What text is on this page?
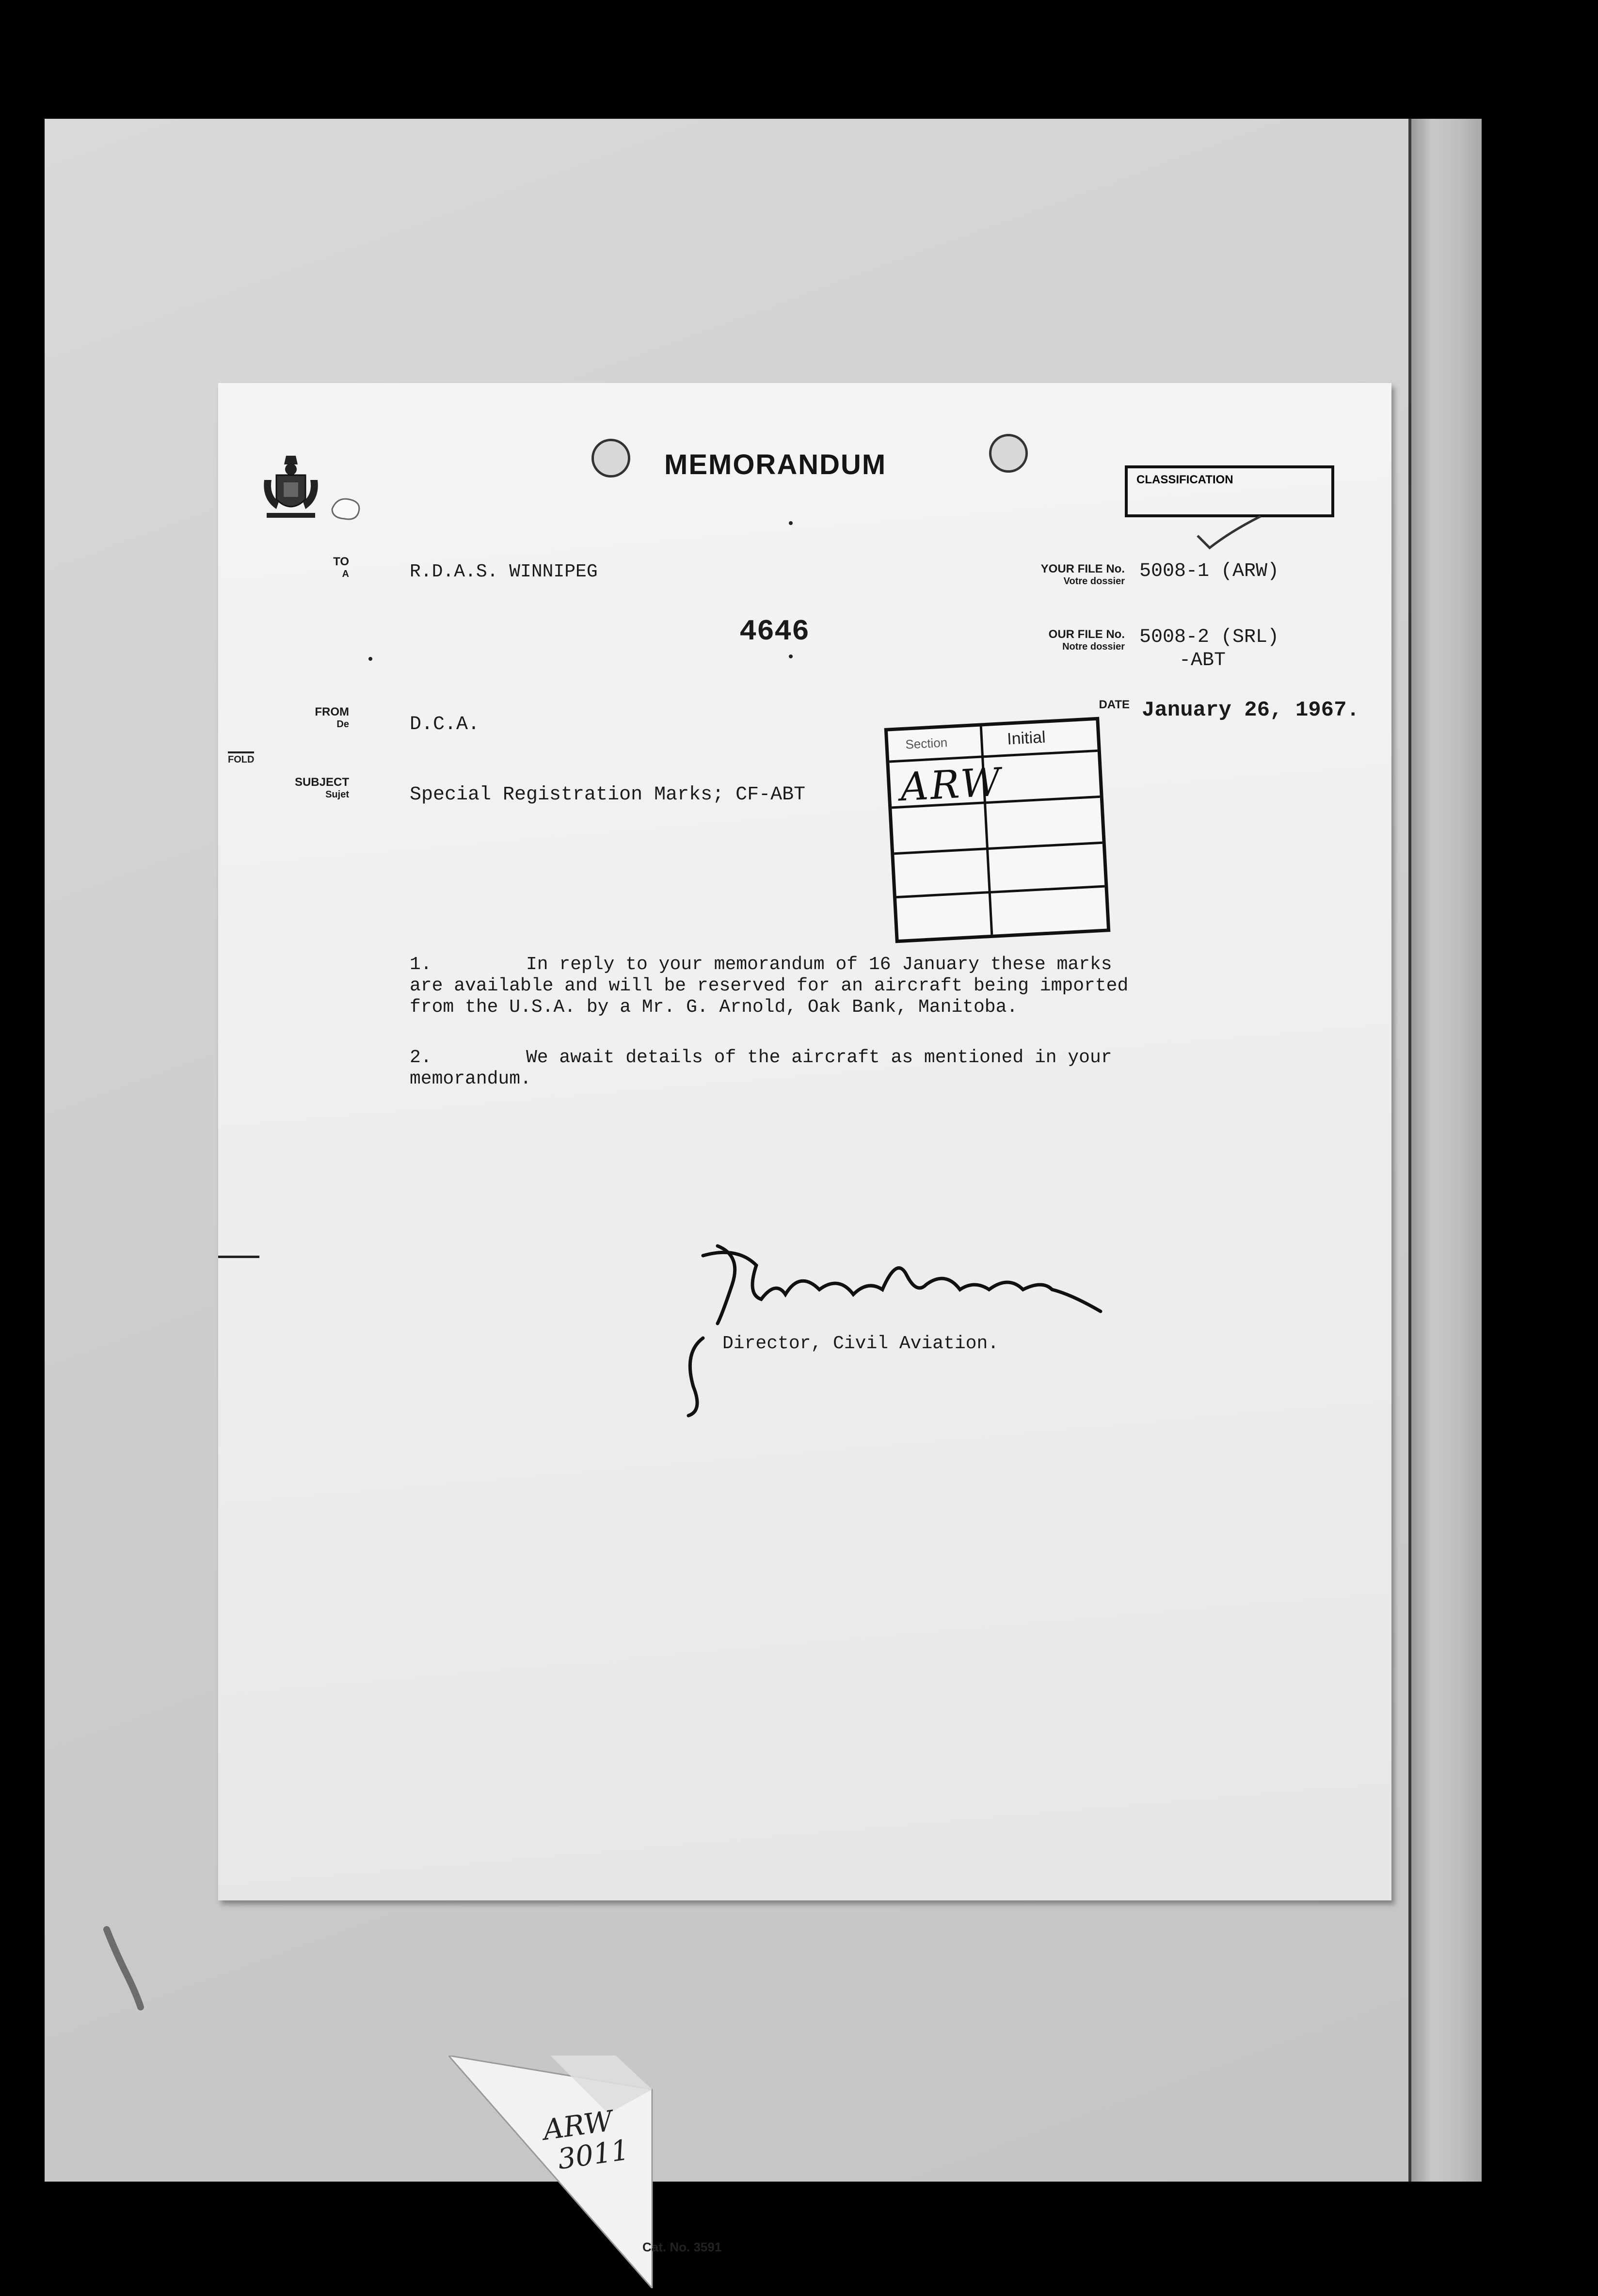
MEMORANDUM	CLASSIFICATION
TO
A	R.D.A.S. WINNIPEG	YOUR FILE No.
Votre dossier 5008-1 (ARW)
4646	OUR FILE No.
Notre dossier 5008-2 (SRL)
-ABT
DATE January 26, 1967.
FROM
De	D.C.A.
FOLD
SUBJECT
Sujet	Special Registration Marks; CF-ABT
Section	Initial
ARW
1.	In reply to your memorandum of 16 January these marks
are available and will be reserved for an aircraft being imported
from the U.S.A. by a Mr. G. Arnold, Oak Bank, Manitoba.
2.	We await details of the aircraft as mentioned in your
memorandum.
Director, Civil Aviation.
ARW
3011
Cat. No. 3591
